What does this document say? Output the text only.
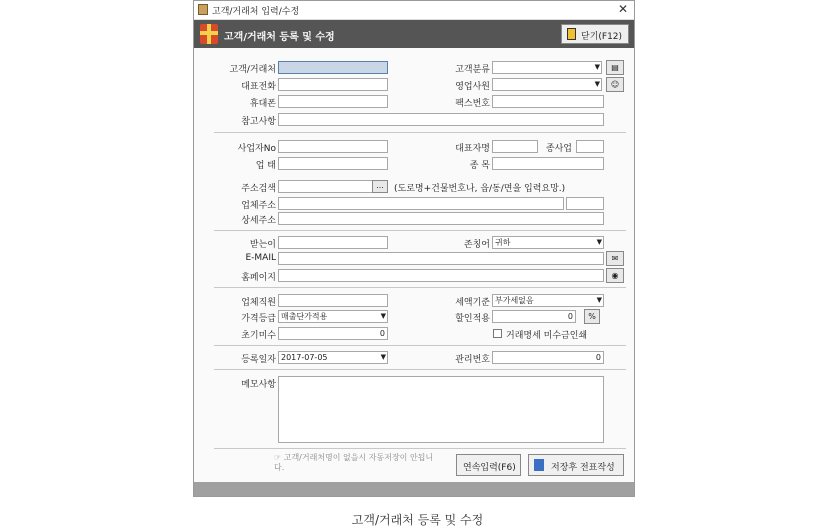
고객/거래처 입력/수정	✕
고객/거래처 등록 및 수정	닫기(F12)
고객/거래처	고객분류	▼	▤
대표전화	영업사원	▼	☺
휴대폰	팩스번호
참고사항
사업자No	대표자명	종사업
업 태	종 목
주소검색	...	(도로명+건물번호나, 읍/동/면을 입력요망.)
업체주소
상세주소
받는이	존칭어 귀하	▼
E-MAIL	✉
홈페이지	◉
업체직원	세액기준 부가세없음	▼
가격등급 매출단가적용	▼	할인적용	0	%
초기미수	0	거래명세 미수금인쇄
등록일자 2017-07-05	▼	관리번호	0
메모사항
☞ 고객/거래처명이 없을시 자동저장이 안됩니다.	연속입력(F6)	저장후 전표작성
고객/거래처 등록 및 수정
